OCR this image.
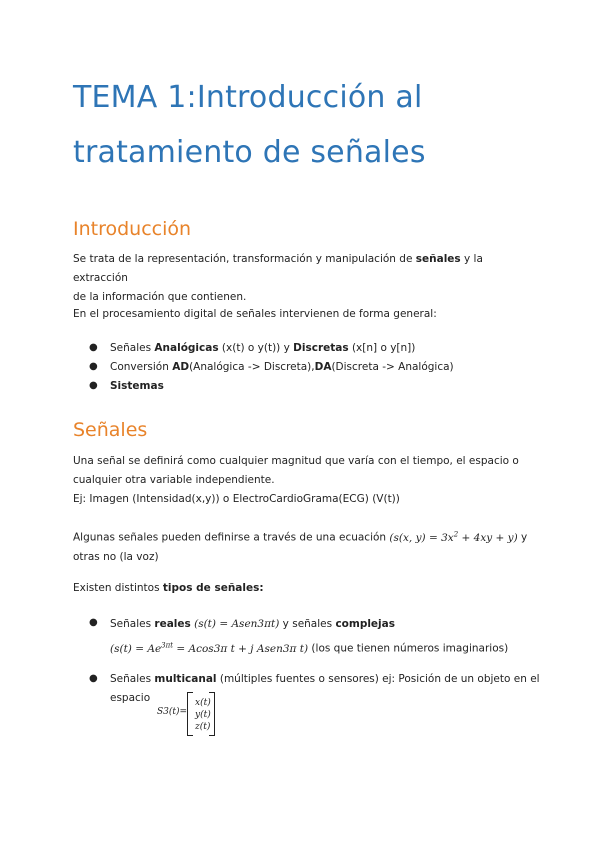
TEMA 1:Introducción al
tratamiento de señales
Introducción

Se trata de la representación, transformación y manipulación de señales y la extracción
de la información que contienen.

En el procesamiento digital de señales intervienen de forma general:

● Señales Analógicas (x(t) o y(t)) y Discretas (x[n] o y[n])

● Conversión AD(Analógica -> Discreta),DA(Discreta -> Analógica)

● Sistemas

Señales

Una señal se definirá como cualquier magnitud que varía con el tiempo, el espacio o
cualquier otra variable independiente.
Ej: Imagen (Intensidad(x,y)) o ElectroCardioGrama(ECG) (V(t))

Algunas señales pueden definirse a través de una ecuación (s(x, $y) = 3x^2 + 4xy + y$) y
otras no (la voz)

Existen distintos tipos de señales:

● Señales reales (s(t) = Asen3πt) y señales complejas
($s(t) = Ae^{3\pi t} = Acos3\pi$ t + j Asen3π t) (los que tienen números imaginarios)

● Señales multicanal (múltiples fuentes o sensores) ej: Posición de un objeto en el
espacio

S3(t)=
x(t)
y(t)
z(t)
